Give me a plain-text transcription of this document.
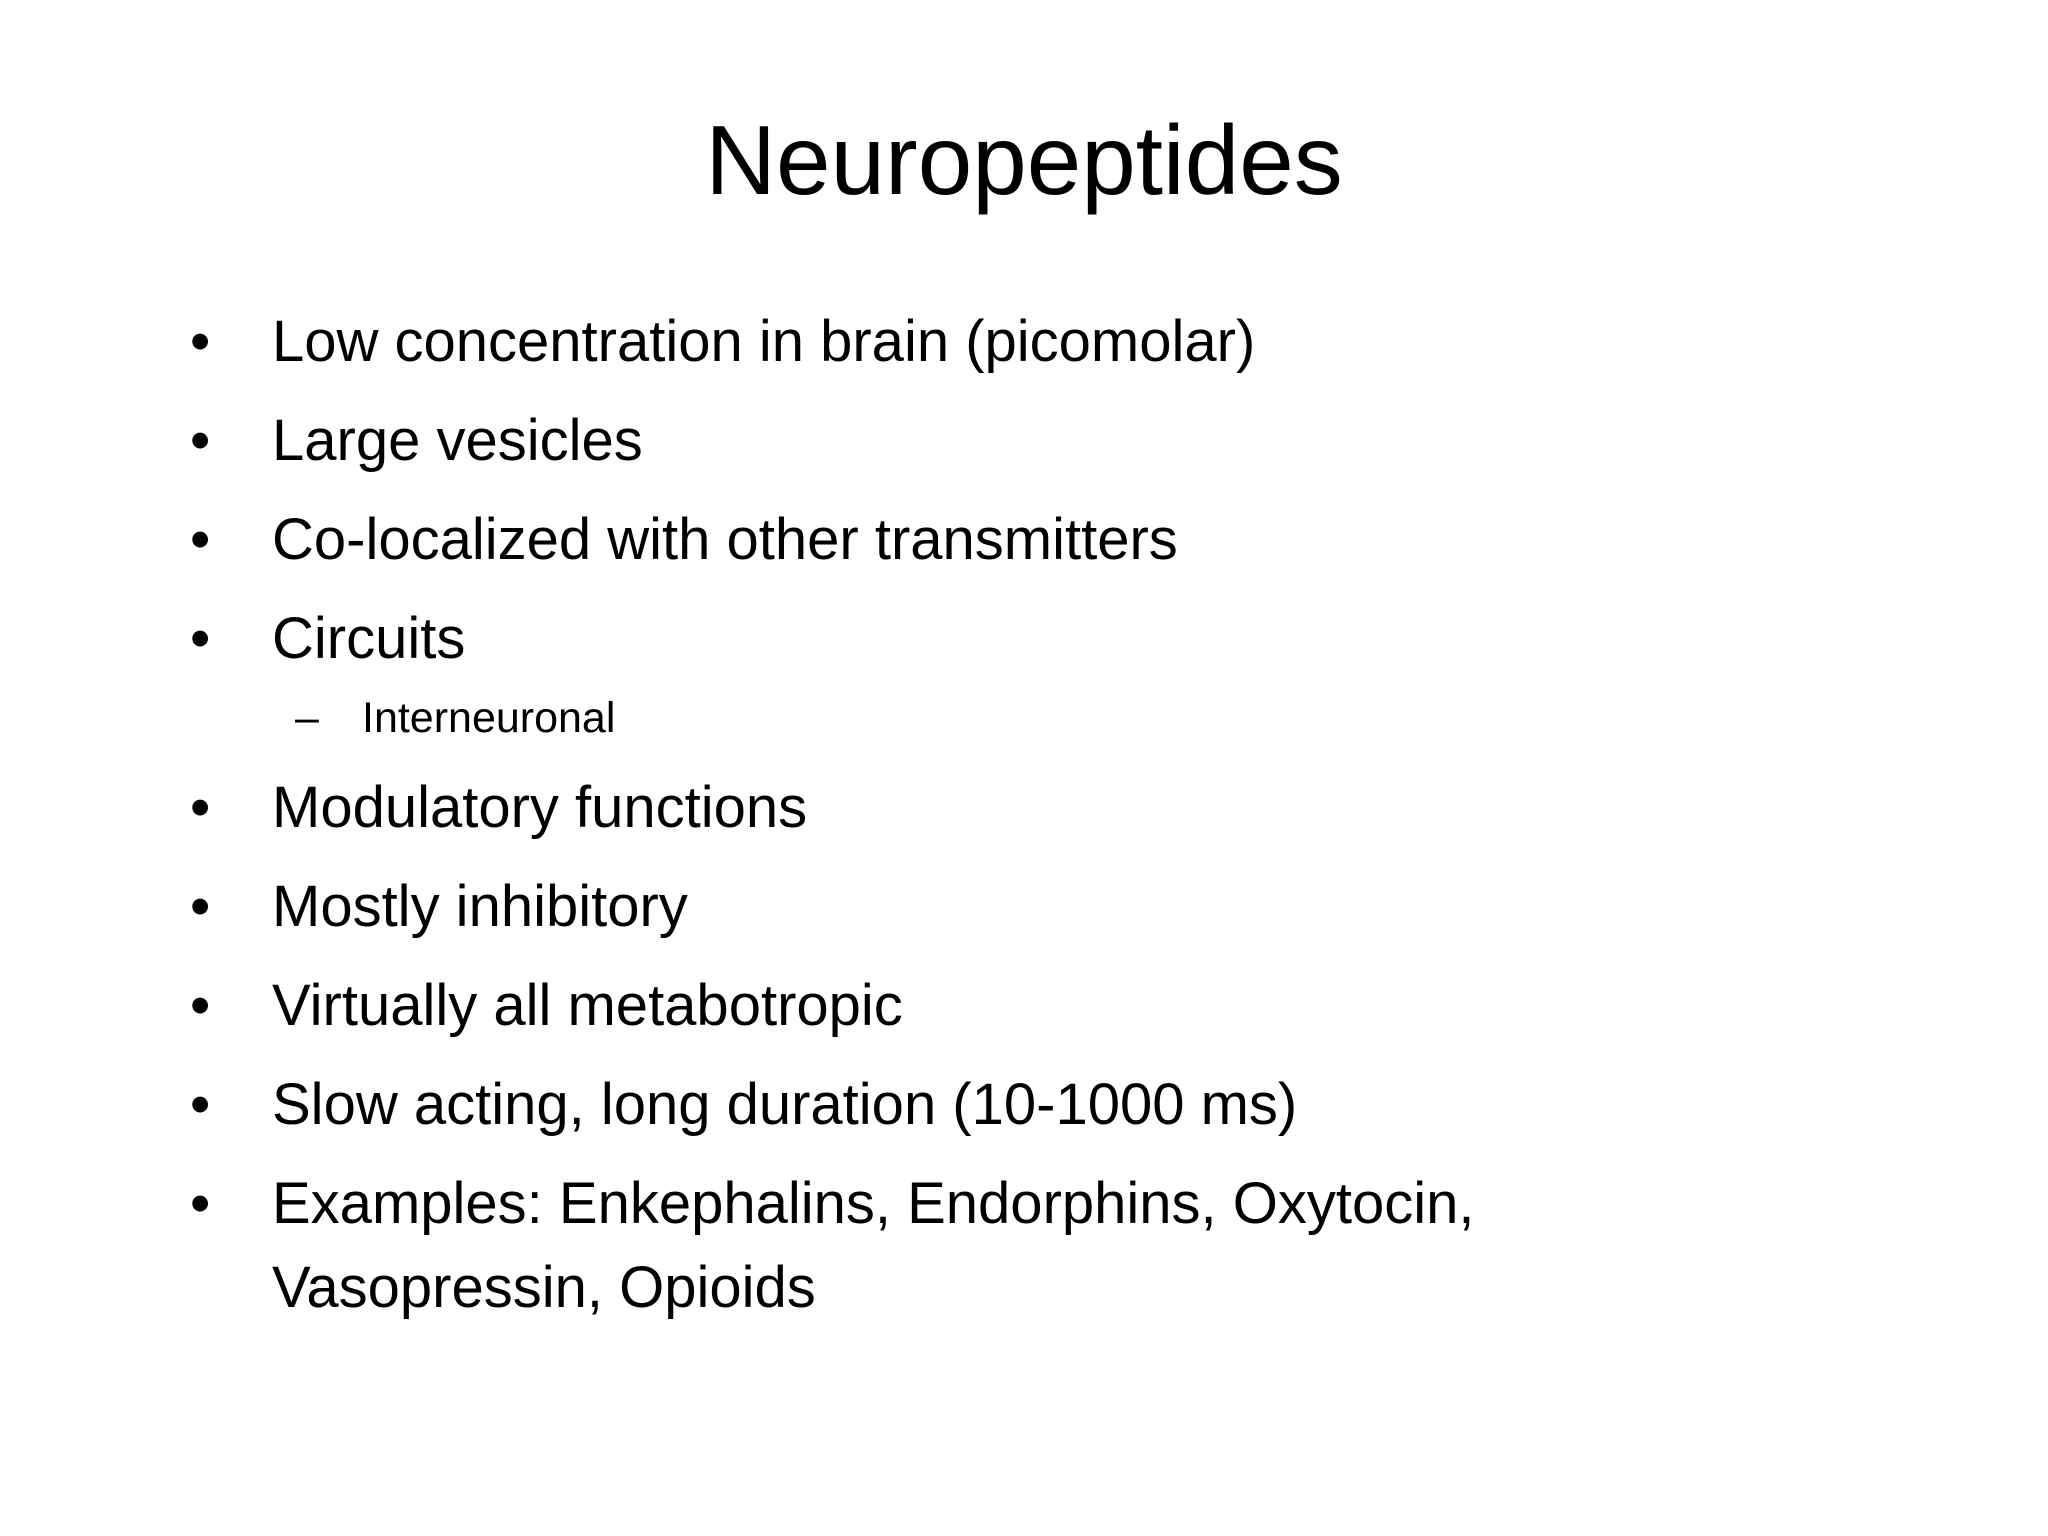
Neuropeptides
•	Low concentration in brain (picomolar)
•	Large vesicles
•	Co-localized with other transmitters
•	Circuits
– Interneuronal
•	Modulatory functions
•	Mostly inhibitory
•	Virtually all metabotropic
•	Slow acting, long duration (10-1000 ms)
•	Examples: Enkephalins, Endorphins, Oxytocin, Vasopressin, Opioids
